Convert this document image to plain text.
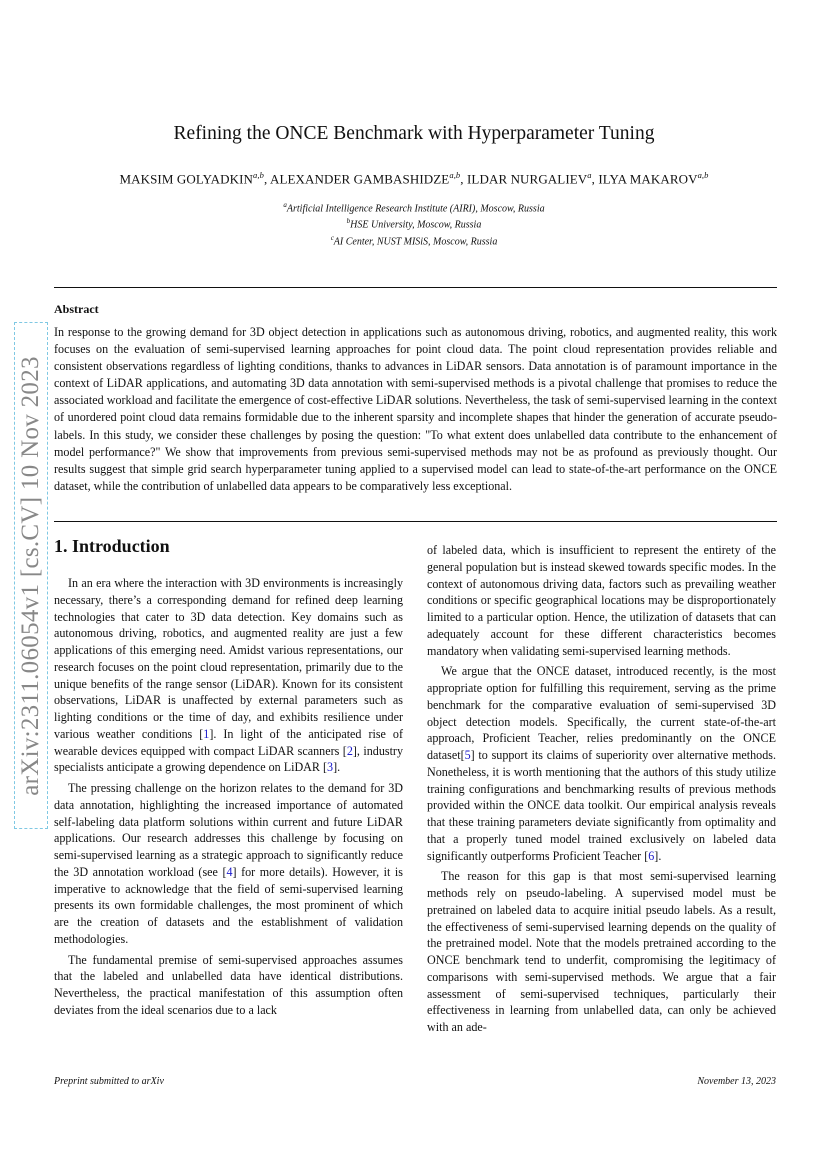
Refining the ONCE Benchmark with Hyperparameter Tuning
MAKSIM GOLYADKIN$^{a,b}$, ALEXANDER GAMBASHIDZE$^{a,b}$, ILDAR NURGALIEV$^a$, ILYA MAKAROV$^{a,b}$
$^a$Artificial Intelligence Research Institute (AIRI), Moscow, Russia
$^b$HSE University, Moscow, Russia
$^c$AI Center, NUST MISiS, Moscow, Russia
Abstract
In response to the growing demand for 3D object detection in applications such as autonomous driving, robotics, and augmented reality, this work focuses on the evaluation of semi-supervised learning approaches for point cloud data. The point cloud representation provides reliable and consistent observations regardless of lighting conditions, thanks to advances in LiDAR sensors. Data annotation is of paramount importance in the context of LiDAR applications, and automating 3D data annotation with semi-supervised methods is a pivotal challenge that promises to reduce the associated workload and facilitate the emergence of cost-effective LiDAR solutions. Nevertheless, the task of semi-supervised learning in the context of unordered point cloud data remains formidable due to the inherent sparsity and incomplete shapes that hinder the generation of accurate pseudo-labels. In this study, we consider these challenges by posing the question: "To what extent does unlabelled data contribute to the enhancement of model performance?" We show that improvements from previous semi-supervised methods may not be as profound as previously thought. Our results suggest that simple grid search hyperparameter tuning applied to a supervised model can lead to state-of-the-art performance on the ONCE dataset, while the contribution of unlabelled data appears to be comparatively less exceptional.
1. Introduction

In an era where the interaction with 3D environments is increasingly necessary, there’s a corresponding demand for refined deep learning technologies that cater to 3D data detection. Key domains such as autonomous driving, robotics, and augmented reality are just a few applications of this emerging need. Amidst various representations, our research focuses on the point cloud representation, primarily due to the unique benefits of the range sensor (LiDAR). Known for its consistent observations, LiDAR is unaffected by external parameters such as lighting conditions or the time of day, and exhibits resilience under various weather conditions [1]. In light of the anticipated rise of wearable devices equipped with compact LiDAR scanners [2], industry specialists anticipate a growing dependence on LiDAR [3].

The pressing challenge on the horizon relates to the demand for 3D data annotation, highlighting the increased importance of automated self-labeling data platform solutions within current and future LiDAR applications. Our research addresses this challenge by focusing on semi-supervised learning as a strategic approach to significantly reduce the 3D annotation workload (see [4] for more details). However, it is imperative to acknowledge that the field of semi-supervised learning presents its own formidable challenges, the most prominent of which are the creation of datasets and the establishment of validation methodologies.

The fundamental premise of semi-supervised approaches assumes that the labeled and unlabelled data have identical distributions. Nevertheless, the practical manifestation of this assumption often deviates from the ideal scenarios due to a lack

of labeled data, which is insufficient to represent the entirety of the general population but is instead skewed towards specific modes. In the context of autonomous driving data, factors such as prevailing weather conditions or specific geographical locations may be disproportionately limited to a particular option. Hence, the utilization of datasets that can adequately account for these different characteristics becomes mandatory when validating semi-supervised learning methods.

We argue that the ONCE dataset, introduced recently, is the most appropriate option for fulfilling this requirement, serving as the prime benchmark for the comparative evaluation of semi-supervised 3D object detection models. Specifically, the current state-of-the-art approach, Proficient Teacher, relies predominantly on the ONCE dataset[5] to support its claims of superiority over alternative methods. Nonetheless, it is worth mentioning that the authors of this study utilize training configurations and benchmarking results of previous methods provided within the ONCE data toolkit. Our empirical analysis reveals that these training parameters deviate significantly from optimality and that a properly tuned model trained exclusively on labeled data significantly outperforms Proficient Teacher [6].

The reason for this gap is that most semi-supervised learning methods rely on pseudo-labeling. A supervised model must be pretrained on labeled data to acquire initial pseudo labels. As a result, the effectiveness of semi-supervised learning depends on the quality of the pretrained model. Note that the models pretrained according to the ONCE benchmark tend to underfit, compromising the legitimacy of comparisons with semi-supervised methods. We argue that a fair assessment of semi-supervised techniques, particularly their effectiveness in learning from unlabelled data, can only be achieved with an ade-

Preprint submitted to arXiv	November 13, 2023
arXiv:2311.06054v1 [cs.CV] 10 Nov 2023
